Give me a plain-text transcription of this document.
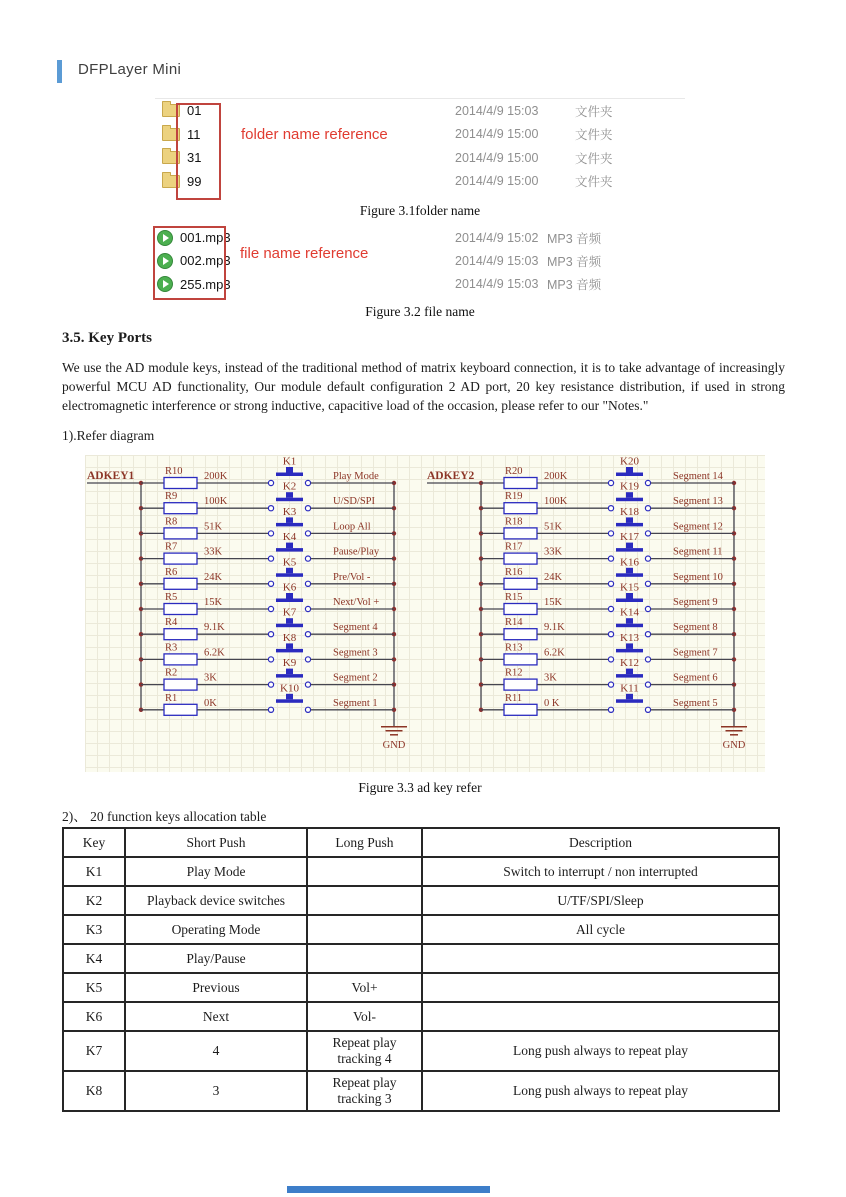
DFPLayer Mini
01	2014/4/9 15:03	文件夹
11	2014/4/9 15:00	文件夹
31	2014/4/9 15:00	文件夹
99	2014/4/9 15:00	文件夹
folder name reference
Figure 3.1folder name
001.mp3	2014/4/9 15:02 MP3 音频
002.mp3	2014/4/9 15:03 MP3 音频
255.mp3	2014/4/9 15:03 MP3 音频
file name reference
Figure 3.2 file name
3.5. Key Ports
We use the AD module keys, instead of the traditional method of matrix keyboard connection, it is to take advantage of increasingly powerful MCU AD functionality, Our module default configuration 2 AD port, 20 key resistance distribution, if used in strong electromagnetic interference or strong inductive, capacitive load of the occasion, please refer to our "Notes."
1).Refer diagram
ADKEY1	R10 200K
K1
Play Mode
R9	100K
K2
U/SD/SPI
R8	51K
K3
Loop All
R7	33K
K4
Pause/Play
R6	24K
K5
Pre/Vol -
R5	15K
K6
Next/Vol +
R4	9.1K
K7
Segment 4
R3	6.2K
K8
Segment 3
R2	3K
K9
Segment 2
R1	0K
K10
Segment 1
GND
ADKEY2	R20 200K
K20
Segment 14
R19 100K
K19
Segment 13
R18 51K
K18
Segment 12
R17 33K
K17
Segment 11
R16 24K
K16
Segment 10
R15 15K
K15
Segment 9
R14 9.1K
K14
Segment 8
R13 6.2K
K13
Segment 7
R12 3K
K12
Segment 6
R11 0 K
K11
Segment 5
GND
Figure 3.3 ad key refer
2)、 20 function keys allocation table
Key	Short Push	Long Push	Description
K1	Play Mode		Switch to interrupt / non interrupted
K2	Playback device switches		U/TF/SPI/Sleep
K3	Operating Mode		All cycle
K4	Play/Pause		
K5	Previous	Vol+	
K6	Next	Vol-	
K7	4	Repeat play tracking 4	Long push always to repeat play
K8	3	Repeat play tracking 3	Long push always to repeat play
